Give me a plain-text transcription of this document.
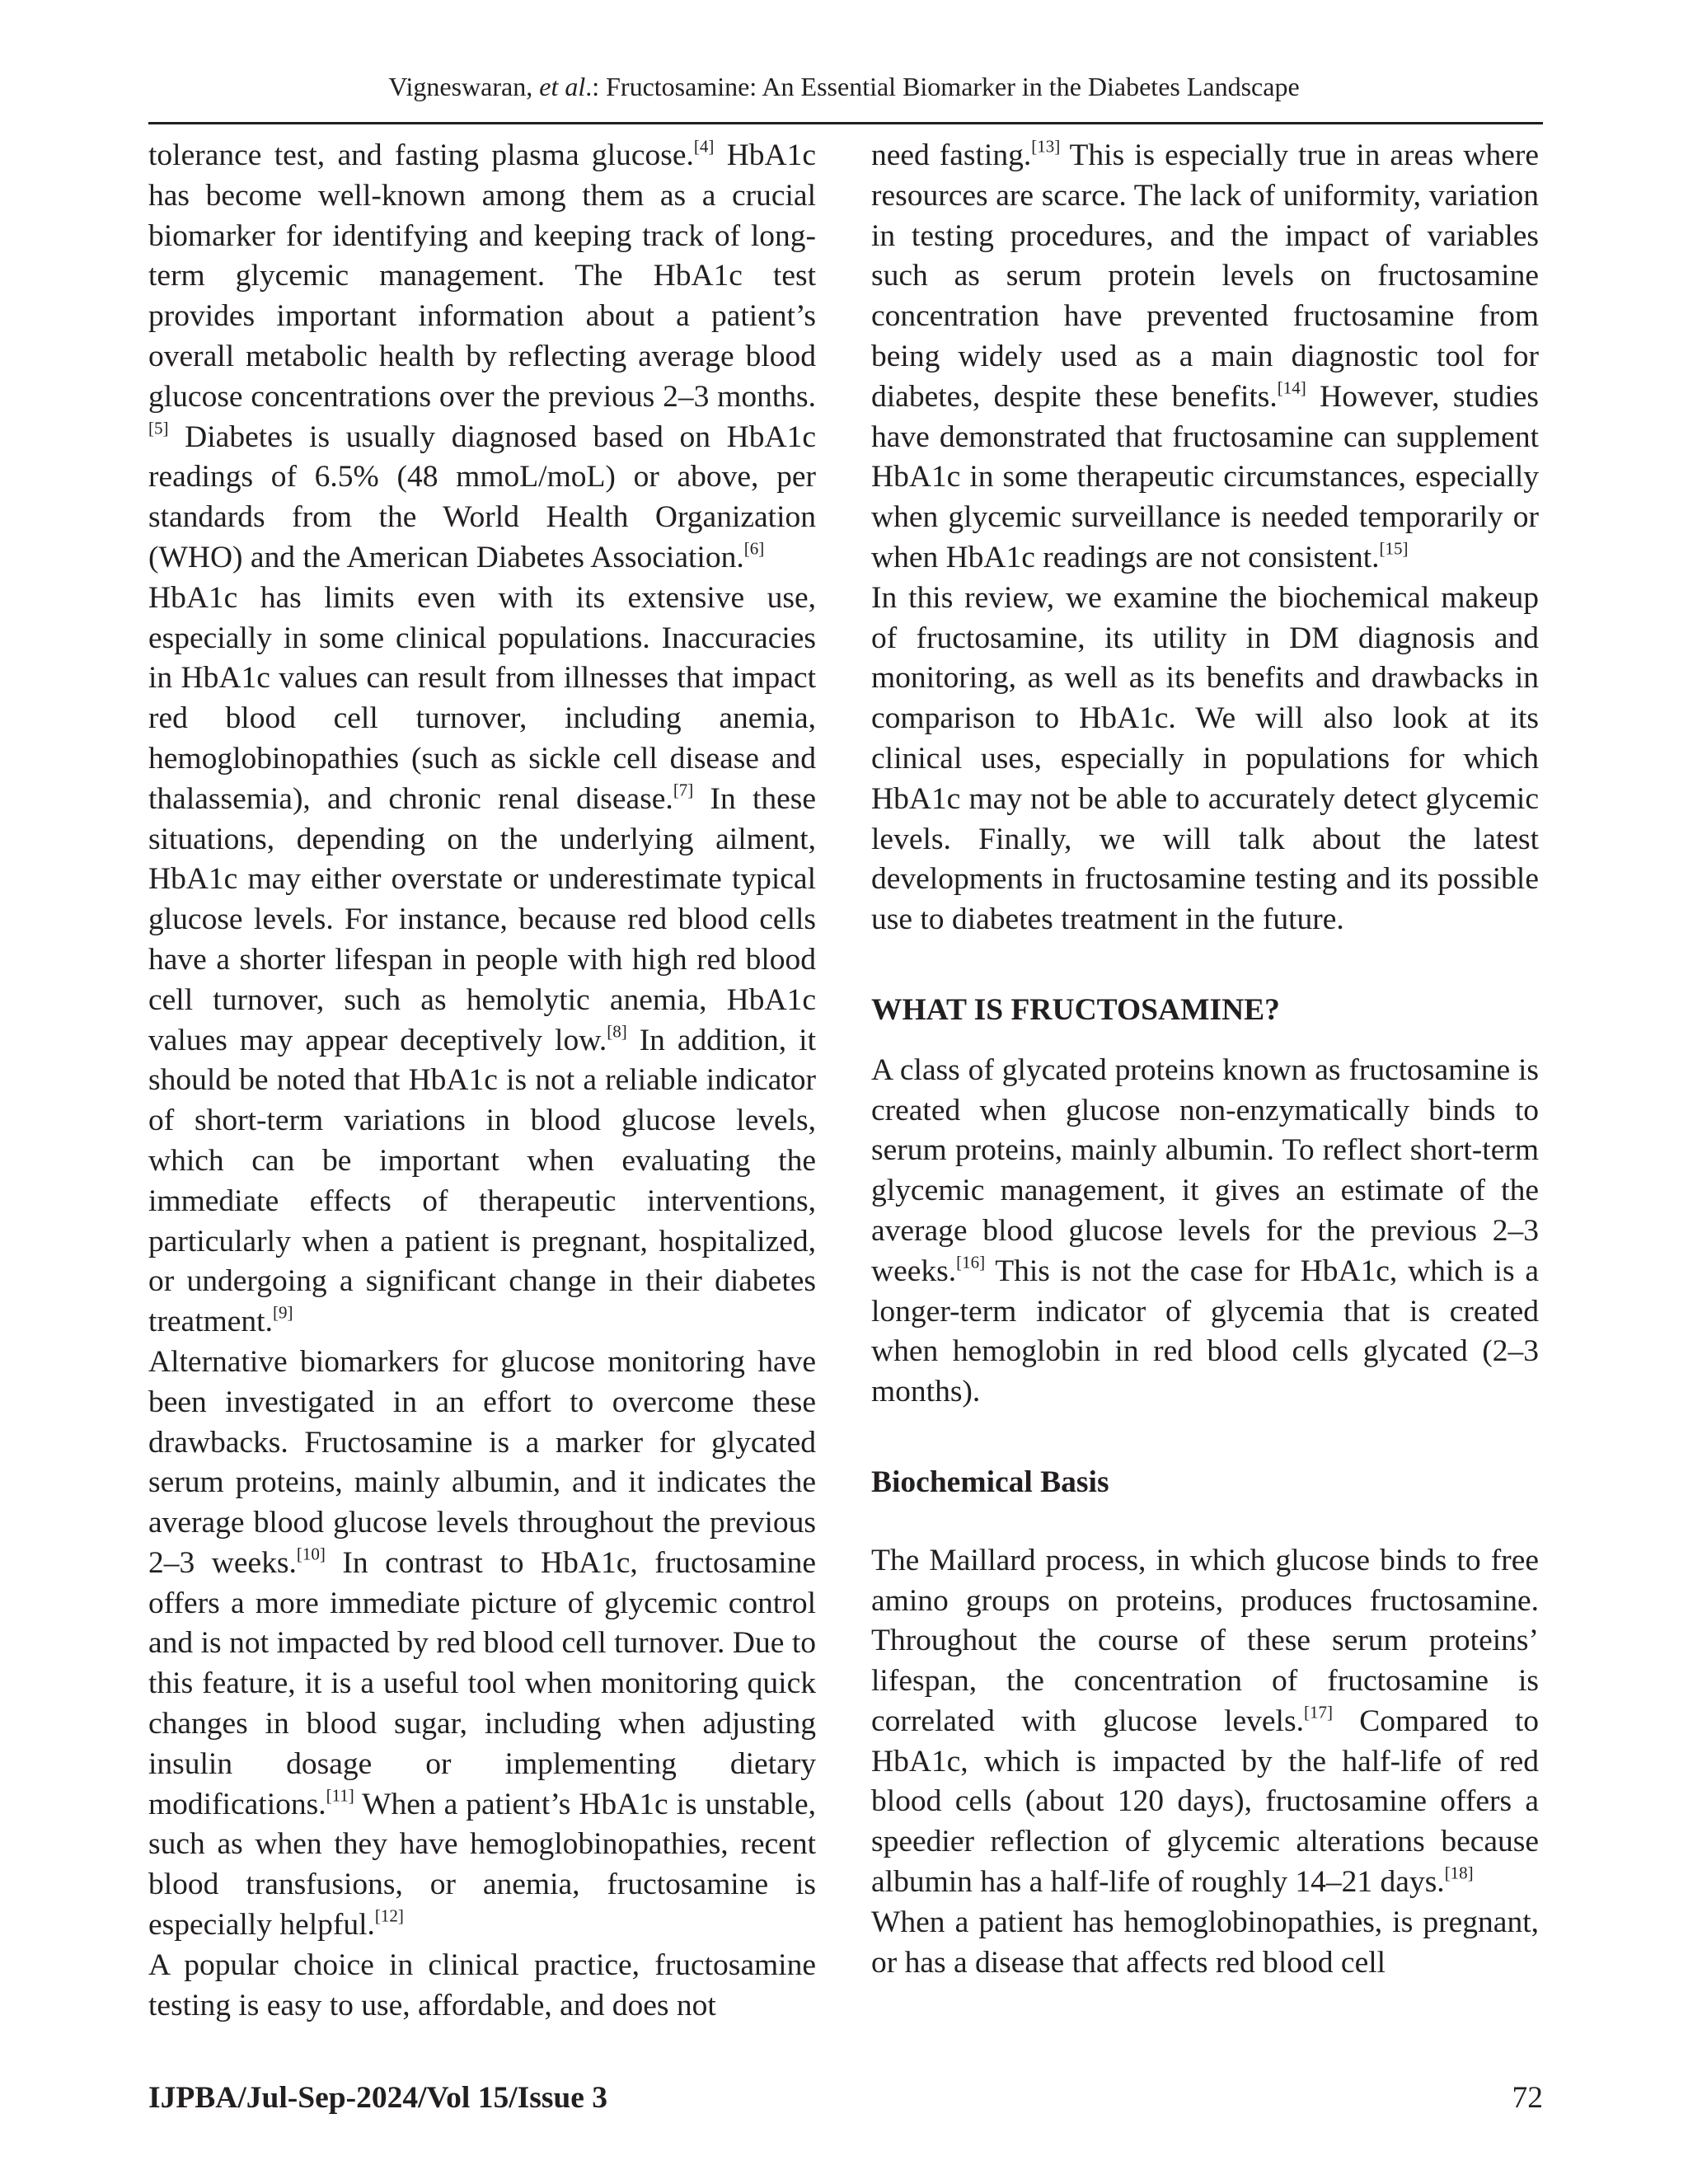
Vigneswaran, et al.: Fructosamine: An Essential Biomarker in the Diabetes Landscape

tolerance test, and fasting plasma glucose.[4] HbA1c has become well-known among them as a crucial biomarker for identifying and keeping track of long-term glycemic management. The HbA1c test provides important information about a patient’s overall metabolic health by reflecting average blood glucose concentrations over the previous 2–3 months.[5] Diabetes is usually diagnosed based on HbA1c readings of 6.5% (48 mmoL/moL) or above, per standards from the World Health Organization (WHO) and the American Diabetes Association.[6]

HbA1c has limits even with its extensive use, especially in some clinical populations. Inaccuracies in HbA1c values can result from illnesses that impact red blood cell turnover, including anemia, hemoglobinopathies (such as sickle cell disease and thalassemia), and chronic renal disease.[7] In these situations, depending on the underlying ailment, HbA1c may either overstate or underestimate typical glucose levels. For instance, because red blood cells have a shorter lifespan in people with high red blood cell turnover, such as hemolytic anemia, HbA1c values may appear deceptively low.[8] In addition, it should be noted that HbA1c is not a reliable indicator of short-term variations in blood glucose levels, which can be important when evaluating the immediate effects of therapeutic interventions, particularly when a patient is pregnant, hospitalized, or undergoing a significant change in their diabetes treatment.[9]

Alternative biomarkers for glucose monitoring have been investigated in an effort to overcome these drawbacks. Fructosamine is a marker for glycated serum proteins, mainly albumin, and it indicates the average blood glucose levels throughout the previous 2–3 weeks.[10] In contrast to HbA1c, fructosamine offers a more immediate picture of glycemic control and is not impacted by red blood cell turnover. Due to this feature, it is a useful tool when monitoring quick changes in blood sugar, including when adjusting insulin dosage or implementing dietary modifications.[11] When a patient’s HbA1c is unstable, such as when they have hemoglobinopathies, recent blood transfusions, or anemia, fructosamine is especially helpful.[12]

A popular choice in clinical practice, fructosamine testing is easy to use, affordable, and does not

need fasting.[13] This is especially true in areas where resources are scarce. The lack of uniformity, variation in testing procedures, and the impact of variables such as serum protein levels on fructosamine concentration have prevented fructosamine from being widely used as a main diagnostic tool for diabetes, despite these benefits.[14] However, studies have demonstrated that fructosamine can supplement HbA1c in some therapeutic circumstances, especially when glycemic surveillance is needed temporarily or when HbA1c readings are not consistent.[15]

In this review, we examine the biochemical makeup of fructosamine, its utility in DM diagnosis and monitoring, as well as its benefits and drawbacks in comparison to HbA1c. We will also look at its clinical uses, especially in populations for which HbA1c may not be able to accurately detect glycemic levels. Finally, we will talk about the latest developments in fructosamine testing and its possible use to diabetes treatment in the future.

WHAT IS FRUCTOSAMINE?

A class of glycated proteins known as fructosamine is created when glucose non-enzymatically binds to serum proteins, mainly albumin. To reflect short-term glycemic management, it gives an estimate of the average blood glucose levels for the previous 2–3 weeks.[16] This is not the case for HbA1c, which is a longer-term indicator of glycemia that is created when hemoglobin in red blood cells glycated (2–3 months).

Biochemical Basis

The Maillard process, in which glucose binds to free amino groups on proteins, produces fructosamine. Throughout the course of these serum proteins’ lifespan, the concentration of fructosamine is correlated with glucose levels.[17] Compared to HbA1c, which is impacted by the half-life of red blood cells (about 120 days), fructosamine offers a speedier reflection of glycemic alterations because albumin has a half-life of roughly 14–21 days.[18]

When a patient has hemoglobinopathies, is pregnant, or has a disease that affects red blood cell

IJPBA/Jul-Sep-2024/Vol 15/Issue 3	72
